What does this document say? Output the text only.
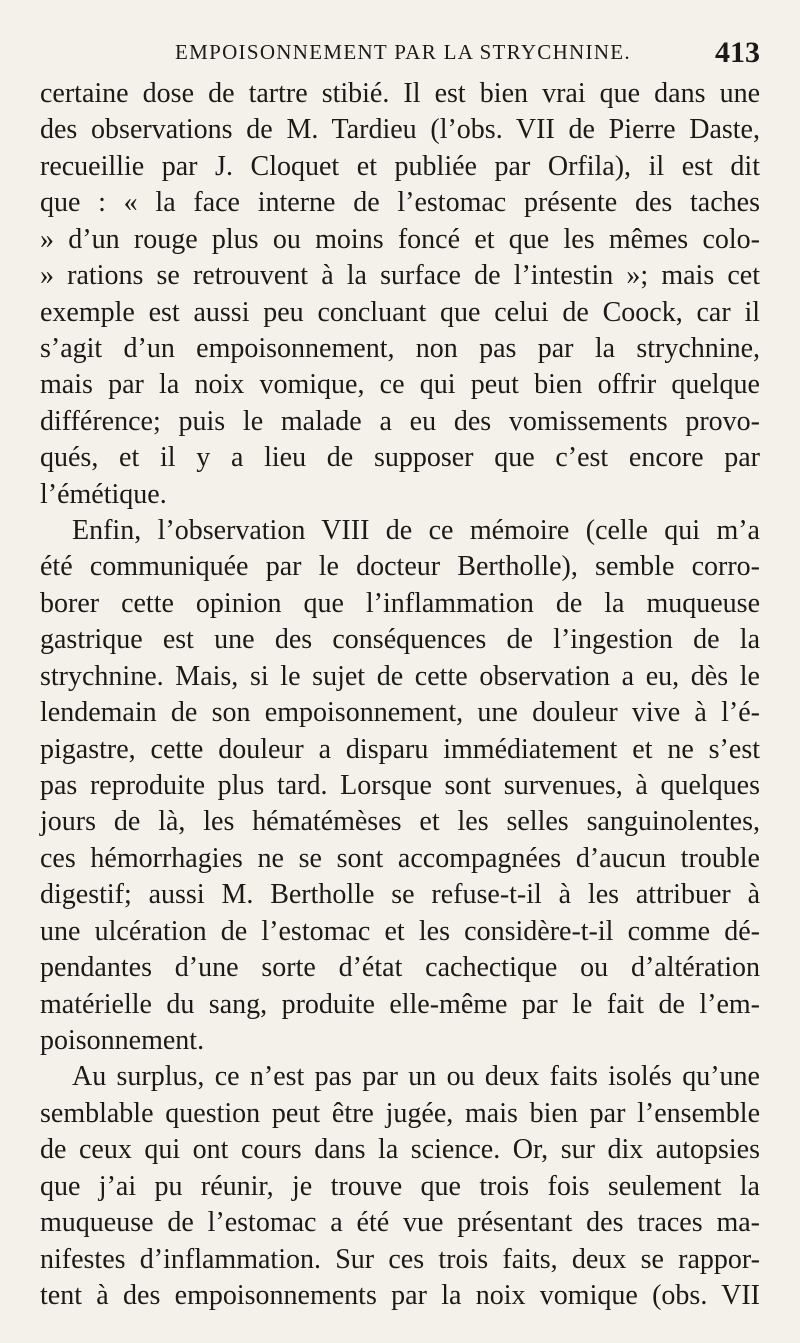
EMPOISONNEMENT PAR LA STRYCHNINE.	413
certaine dose de tartre stibié. Il est bien vrai que dans une
des observations de M. Tardieu (l’obs. VII de Pierre Daste,
recueillie par J. Cloquet et publiée par Orfila), il est dit
que : « la face interne de l’estomac présente des taches
» d’un rouge plus ou moins foncé et que les mêmes colo-
» rations se retrouvent à la surface de l’intestin »; mais cet
exemple est aussi peu concluant que celui de Coock, car il
s’agit d’un empoisonnement, non pas par la strychnine,
mais par la noix vomique, ce qui peut bien offrir quelque
différence; puis le malade a eu des vomissements provo-
qués, et il y a lieu de supposer que c’est encore par
l’émétique.
Enfin, l’observation VIII de ce mémoire (celle qui m’a
été communiquée par le docteur Bertholle), semble corro-
borer cette opinion que l’inflammation de la muqueuse
gastrique est une des conséquences de l’ingestion de la
strychnine. Mais, si le sujet de cette observation a eu, dès le
lendemain de son empoisonnement, une douleur vive à l’é-
pigastre, cette douleur a disparu immédiatement et ne s’est
pas reproduite plus tard. Lorsque sont survenues, à quelques
jours de là, les hématémèses et les selles sanguinolentes,
ces hémorrhagies ne se sont accompagnées d’aucun trouble
digestif; aussi M. Bertholle se refuse-t-il à les attribuer à
une ulcération de l’estomac et les considère-t-il comme dé-
pendantes d’une sorte d’état cachectique ou d’altération
matérielle du sang, produite elle-même par le fait de l’em-
poisonnement.
Au surplus, ce n’est pas par un ou deux faits isolés qu’une
semblable question peut être jugée, mais bien par l’ensemble
de ceux qui ont cours dans la science. Or, sur dix autopsies
que j’ai pu réunir, je trouve que trois fois seulement la
muqueuse de l’estomac a été vue présentant des traces ma-
nifestes d’inflammation. Sur ces trois faits, deux se rappor-
tent à des empoisonnements par la noix vomique (obs. VII
